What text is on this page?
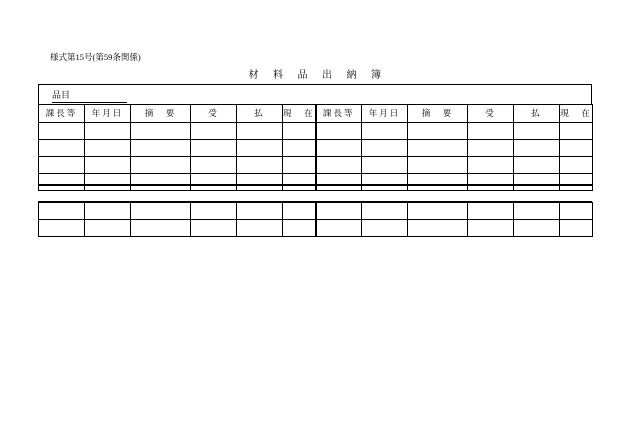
様式第15号(第59条関係)
材 料 品 出 納 簿
品目
課長等	年月日	摘　要	受	払	現　在	課長等	年月日	摘　要	受	払	現　在
